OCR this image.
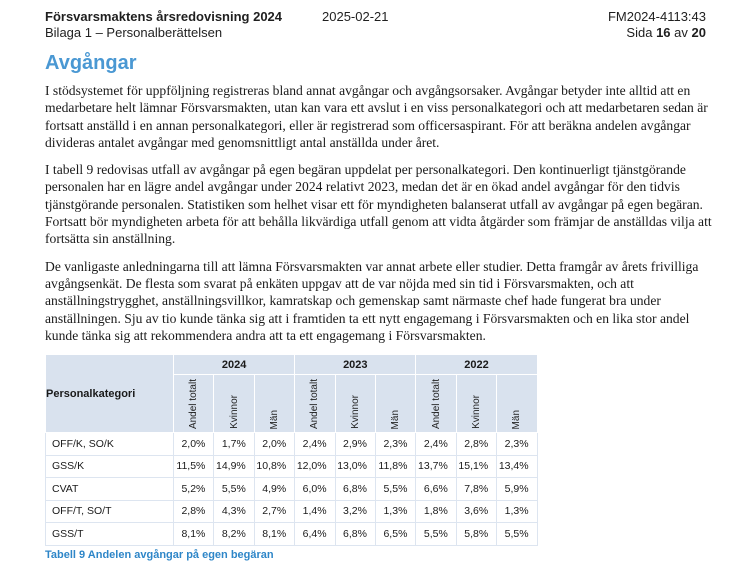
Försvarsmaktens årsredovisning 2024
Bilaga 1 – Personalberättelsen
2025-02-21	FM2024-4113:43
Sida 16 av 20
Avgångar

I stödsystemet för uppföljning registreras bland annat avgångar och avgångsorsaker. Avgångar betyder inte alltid att en medarbetare helt lämnar Försvarsmakten, utan kan vara ett avslut i en viss personalkategori och att medarbetaren sedan är fortsatt anställd i en annan personalkategori, eller är registrerad som officersaspirant. För att beräkna andelen avgångar divideras antalet avgångar med genomsnittligt antal anställda under året.

I tabell 9 redovisas utfall av avgångar på egen begäran uppdelat per personalkategori. Den kontinuerligt tjänstgörande personalen har en lägre andel avgångar under 2024 relativt 2023, medan det är en ökad andel avgångar för den tidvis tjänstgörande personalen. Statistiken som helhet visar ett för myndigheten balanserat utfall av avgångar på egen begäran. Fortsatt bör myndigheten arbeta för att behålla likvärdiga utfall genom att vidta åtgärder som främjar de anställdas vilja att fortsätta sin anställning.

De vanligaste anledningarna till att lämna Försvarsmakten var annat arbete eller studier. Detta framgår av årets frivilliga avgångsenkät. De flesta som svarat på enkäten uppgav att de var nöjda med sin tid i Försvarsmakten, och att anställningstrygghet, anställningsvillkor, kamratskap och gemenskap samt närmaste chef hade fungerat bra under anställningen. Sju av tio kunde tänka sig att i framtiden ta ett nytt engagemang i Försvarsmakten och en lika stor andel kunde tänka sig att rekommendera andra att ta ett engagemang i Försvarsmakten.

Personalkategori	2024			2023			2022		
	Andel totalt	Kvinnor	Män	Andel totalt	Kvinnor	Män	Andel totalt	Kvinnor	Män
OFF/K, SO/K	2,0%	1,7%	2,0%	2,4%	2,9%	2,3%	2,4%	2,8%	2,3%
GSS/K	11,5%	14,9%	10,8%	12,0%	13,0%	11,8%	13,7%	15,1%	13,4%
CVAT	5,2%	5,5%	4,9%	6,0%	6,8%	5,5%	6,6%	7,8%	5,9%
OFF/T, SO/T	2,8%	4,3%	2,7%	1,4%	3,2%	1,3%	1,8%	3,6%	1,3%
GSS/T	8,1%	8,2%	8,1%	6,4%	6,8%	6,5%	5,5%	5,8%	5,5%
Tabell 9 Andelen avgångar på egen begäran
